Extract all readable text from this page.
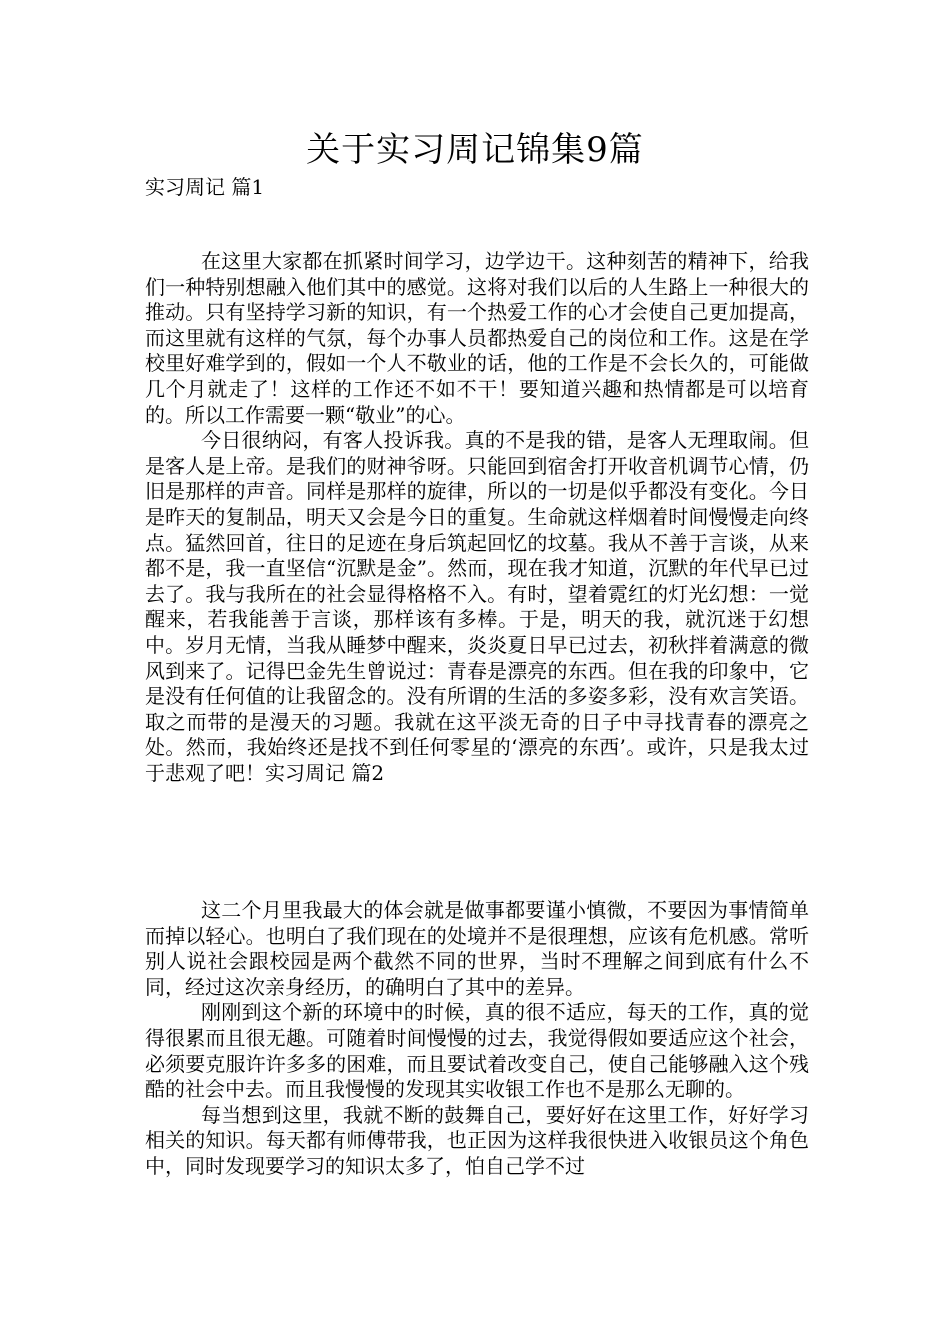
关于实习周记锦集9篇
实习周记 篇1

在这里大家都在抓紧时间学习，边学边干。这种刻苦的精神下，给我们一种特别想融入他们其中的感觉。这将对我们以后的人生路上一种很大的推动。只有坚持学习新的知识，有一个热爱工作的心才会使自己更加提高，而这里就有这样的气氛，每个办事人员都热爱自己的岗位和工作。这是在学校里好难学到的，假如一个人不敬业的话，他的工作是不会长久的，可能做几个月就走了！这样的工作还不如不干！要知道兴趣和热情都是可以培育的。所以工作需要一颗“敬业”的心。

今日很纳闷，有客人投诉我。真的不是我的错，是客人无理取闹。但是客人是上帝。是我们的财神爷呀。只能回到宿舍打开收音机调节心情，仍旧是那样的声音。同样是那样的旋律，所以的一切是似乎都没有变化。今日是昨天的复制品，明天又会是今日的重复。生命就这样烟着时间慢慢走向终点。猛然回首，往日的足迹在身后筑起回忆的坟墓。我从不善于言谈，从来都不是，我一直坚信“沉默是金”。然而，现在我才知道，沉默的年代早已过去了。我与我所在的社会显得格格不入。有时，望着霓红的灯光幻想：一觉醒来，若我能善于言谈，那样该有多棒。于是，明天的我，就沉迷于幻想中。岁月无情，当我从睡梦中醒来，炎炎夏日早已过去，初秋拌着满意的微风到来了。记得巴金先生曾说过：青春是漂亮的东西。但在我的印象中，它是没有任何值的让我留念的。没有所谓的生活的多姿多彩，没有欢言笑语。取之而带的是漫天的习题。我就在这平淡无奇的日子中寻找青春的漂亮之处。然而，我始终还是找不到任何零星的‘漂亮的东西’。或许，只是我太过于悲观了吧！实习周记 篇2

这二个月里我最大的体会就是做事都要谨小慎微，不要因为事情简单而掉以轻心。也明白了我们现在的处境并不是很理想，应该有危机感。常听别人说社会跟校园是两个截然不同的世界，当时不理解之间到底有什么不同，经过这次亲身经历，的确明白了其中的差异。

刚刚到这个新的环境中的时候，真的很不适应，每天的工作，真的觉得很累而且很无趣。可随着时间慢慢的过去，我觉得假如要适应这个社会，必须要克服许许多多的困难，而且要试着改变自己，使自己能够融入这个残酷的社会中去。而且我慢慢的发现其实收银工作也不是那么无聊的。

每当想到这里，我就不断的鼓舞自己，要好好在这里工作，好好学习相关的知识。每天都有师傅带我，也正因为这样我很快进入收银员这个角色中，同时发现要学习的知识太多了，怕自己学不过
